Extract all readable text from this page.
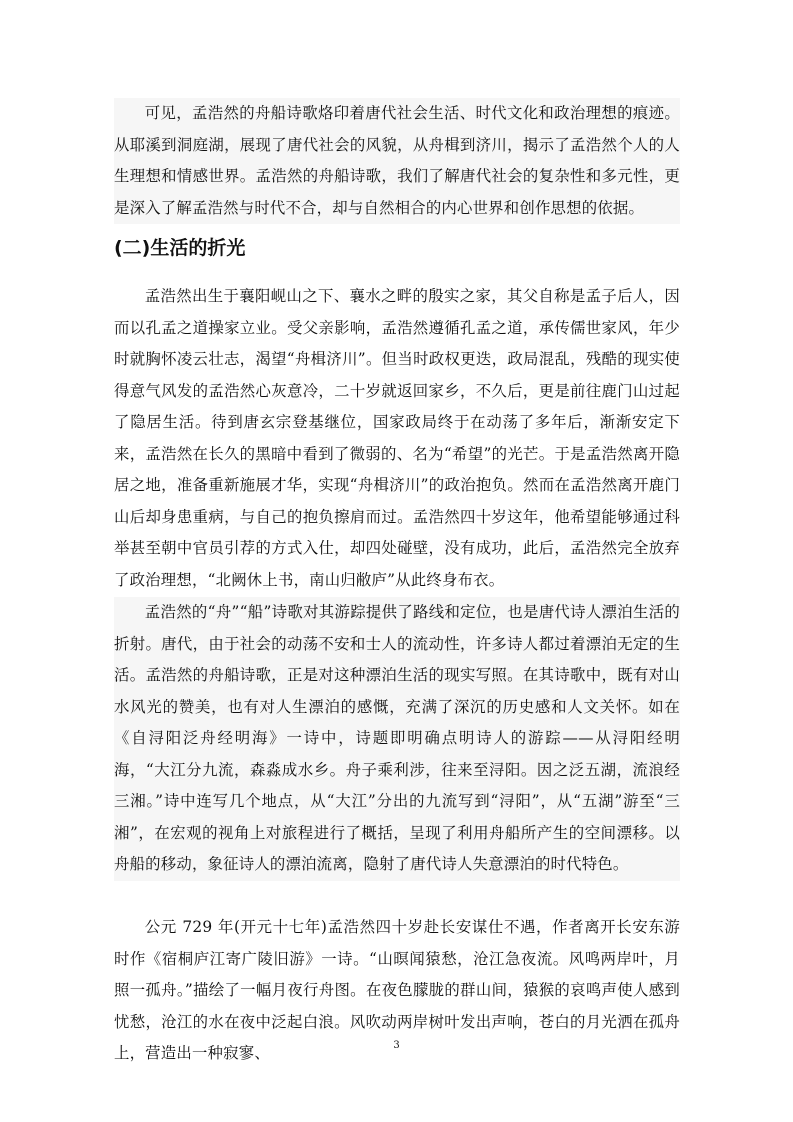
可见，孟浩然的舟船诗歌烙印着唐代社会生活、时代文化和政治理想的痕迹。从耶溪到洞庭湖，展现了唐代社会的风貌，从舟楫到济川，揭示了孟浩然个人的人生理想和情感世界。孟浩然的舟船诗歌，我们了解唐代社会的复杂性和多元性，更是深入了解孟浩然与时代不合，却与自然相合的内心世界和创作思想的依据。

(二)生活的折光

孟浩然出生于襄阳岘山之下、襄水之畔的殷实之家，其父自称是孟子后人，因而以孔孟之道操家立业。受父亲影响，孟浩然遵循孔孟之道，承传儒世家风，年少时就胸怀凌云壮志，渴望“舟楫济川”。但当时政权更迭，政局混乱，残酷的现实使得意气风发的孟浩然心灰意冷，二十岁就返回家乡，不久后，更是前往鹿门山过起了隐居生活。待到唐玄宗登基继位，国家政局终于在动荡了多年后，渐渐安定下来，孟浩然在长久的黑暗中看到了微弱的、名为“希望”的光芒。于是孟浩然离开隐居之地，准备重新施展才华，实现“舟楫济川”的政治抱负。然而在孟浩然离开鹿门山后却身患重病，与自己的抱负擦肩而过。孟浩然四十岁这年，他希望能够通过科举甚至朝中官员引荐的方式入仕，却四处碰壁，没有成功，此后，孟浩然完全放弃了政治理想，“北阙休上书，南山归敝庐”从此终身布衣。

孟浩然的“舟”“船”诗歌对其游踪提供了路线和定位，也是唐代诗人漂泊生活的折射。唐代，由于社会的动荡不安和士人的流动性，许多诗人都过着漂泊无定的生活。孟浩然的舟船诗歌，正是对这种漂泊生活的现实写照。在其诗歌中，既有对山水风光的赞美，也有对人生漂泊的感慨，充满了深沉的历史感和人文关怀。如在《自浔阳泛舟经明海》一诗中，诗题即明确点明诗人的游踪——从浔阳经明海，“大江分九流，森淼成水乡。舟子乘利涉，往来至浔阳。因之泛五湖，流浪经三湘。”诗中连写几个地点，从“大江”分出的九流写到“浔阳”，从“五湖”游至“三湘”，在宏观的视角上对旅程进行了概括，呈现了利用舟船所产生的空间漂移。以舟船的移动，象征诗人的漂泊流离，隐射了唐代诗人失意漂泊的时代特色。

公元 729 年(开元十七年)孟浩然四十岁赴长安谋仕不遇，作者离开长安东游时作《宿桐庐江寄广陵旧游》一诗。“山暝闻猿愁，沧江急夜流。风鸣两岸叶，月照一孤舟。”描绘了一幅月夜行舟图。在夜色朦胧的群山间，猿猴的哀鸣声使人感到忧愁，沧江的水在夜中泛起白浪。风吹动两岸树叶发出声响，苍白的月光洒在孤舟上，营造出一种寂寥、	3
